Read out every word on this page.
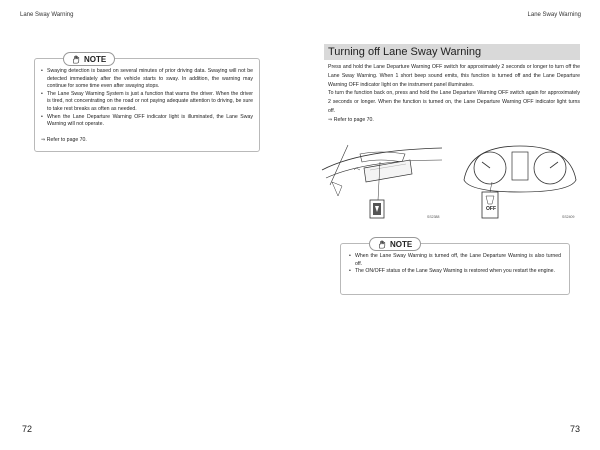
Lane Sway Warning
NOTE
• Swaying detection is based on several minutes of prior driving data. Swaying will not be detected immediately after the vehicle starts to sway. In addition, the warning may continue for some time even after swaying stops.
• The Lane Sway Warning System is just a function that warns the driver. When the driver is tired, not concentrating on the road or not paying adequate attention to driving, be sure to take rest breaks as often as needed.
• When the Lane Departure Warning OFF indicator light is illuminated, the Lane Sway Warning will not operate.
⇒ Refer to page 70.
72
Lane Sway Warning
73
Turning off Lane Sway Warning

Press and hold the Lane Departure Warning OFF switch for approximately 2 seconds or longer to turn off the Lane Sway Warning. When 1 short beep sound emits, this function is turned off and the Lane Departure Warning OFF indicator light on the instrument panel illuminates.

To turn the function back on, press and hold the Lane Departure Warning OFF switch again for approximately 2 seconds or longer. When the function is turned on, the Lane Departure Warning OFF indicator light turns off.

⇒ Refer to page 70.

SS2388
OFF
SS2409
NOTE
• When the Lane Sway Warning is turned off, the Lane Departure Warning is also turned off.
• The ON/OFF status of the Lane Sway Warning is restored when you restart the engine.
